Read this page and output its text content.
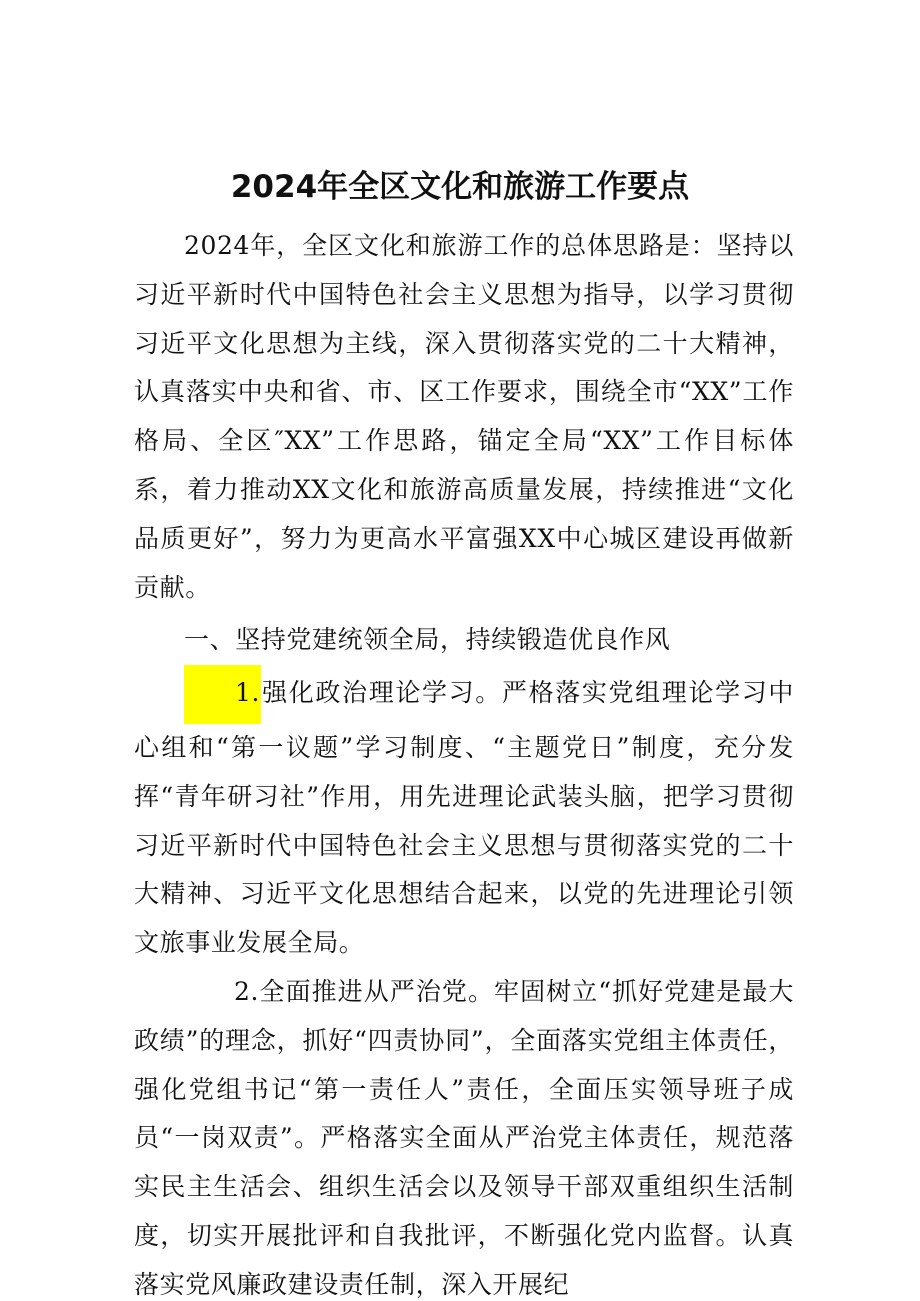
2024年全区文化和旅游工作要点

2024年，全区文化和旅游工作的总体思路是：坚持以习近平新时代中国特色社会主义思想为指导，以学习贯彻习近平文化思想为主线，深入贯彻落实党的二十大精神，认真落实中央和省、市、区工作要求，围绕全市“XX”工作格局、全区″XX”工作思路，锚定全局“XX”工作目标体系，着力推动XX文化和旅游高质量发展，持续推进“文化品质更好”，努力为更高水平富强XX中心城区建设再做新贡献。

一、坚持党建统领全局，持续锻造优良作风

1.强化政治理论学习。严格落实党组理论学习中心组和“第一议题”学习制度、“主题党日”制度，充分发挥“青年研习社”作用，用先进理论武装头脑，把学习贯彻习近平新时代中国特色社会主义思想与贯彻落实党的二十大精神、习近平文化思想结合起来，以党的先进理论引领文旅事业发展全局。

2.全面推进从严治党。牢固树立“抓好党建是最大政绩”的理念，抓好“四责协同”，全面落实党组主体责任，强化党组书记“第一责任人”责任，全面压实领导班子成员“一岗双责”。严格落实全面从严治党主体责任，规范落实民主生活会、组织生活会以及领导干部双重组织生活制度，切实开展批评和自我批评，不断强化党内监督。认真落实党风廉政建设责任制，深入开展纪
